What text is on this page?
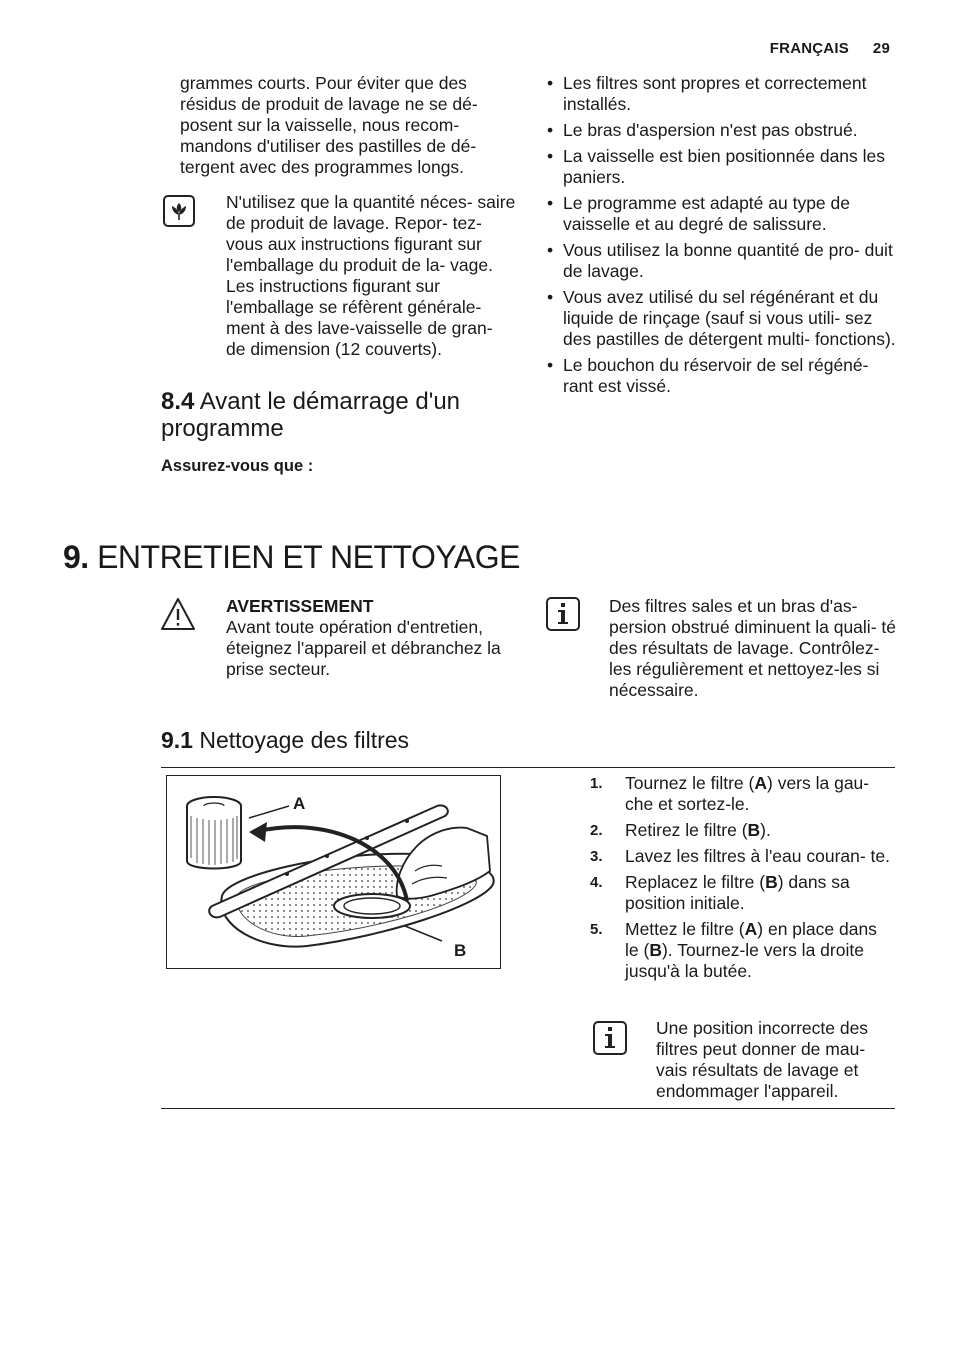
FRANÇAIS 29
grammes courts. Pour éviter que des résidus de produit de lavage ne se dé- posent sur la vaisselle, nous recom- mandons d'utiliser des pastilles de dé- tergent avec des programmes longs.
N'utilisez que la quantité néces- saire de produit de lavage. Repor- tez-vous aux instructions figurant sur l'emballage du produit de la- vage. Les instructions figurant sur l'emballage se réfèrent générale- ment à des lave-vaisselle de gran- de dimension (12 couverts).
8.4 Avant le démarrage d'un programme
Assurez-vous que :
• Les filtres sont propres et correctement installés.
• Le bras d'aspersion n'est pas obstrué.
• La vaisselle est bien positionnée dans les paniers.
• Le programme est adapté au type de vaisselle et au degré de salissure.
• Vous utilisez la bonne quantité de pro- duit de lavage.
• Vous avez utilisé du sel régénérant et du liquide de rinçage (sauf si vous utili- sez des pastilles de détergent multi- fonctions).
• Le bouchon du réservoir de sel régéné- rant est vissé.
9. ENTRETIEN ET NETTOYAGE
AVERTISSEMENT
Avant toute opération d'entretien, éteignez l'appareil et débranchez la prise secteur.
Des filtres sales et un bras d'as- persion obstrué diminuent la quali- té des résultats de lavage. Contrôlez-les régulièrement et nettoyez-les si nécessaire.
9.1 Nettoyage des filtres
A
B
1. Tournez le filtre (A) vers la gau- che et sortez-le.
2. Retirez le filtre (B).
3. Lavez les filtres à l'eau couran- te.
4. Replacez le filtre (B) dans sa position initiale.
5. Mettez le filtre (A) en place dans le (B). Tournez-le vers la droite jusqu'à la butée.
Une position incorrecte des filtres peut donner de mau- vais résultats de lavage et endommager l'appareil.
